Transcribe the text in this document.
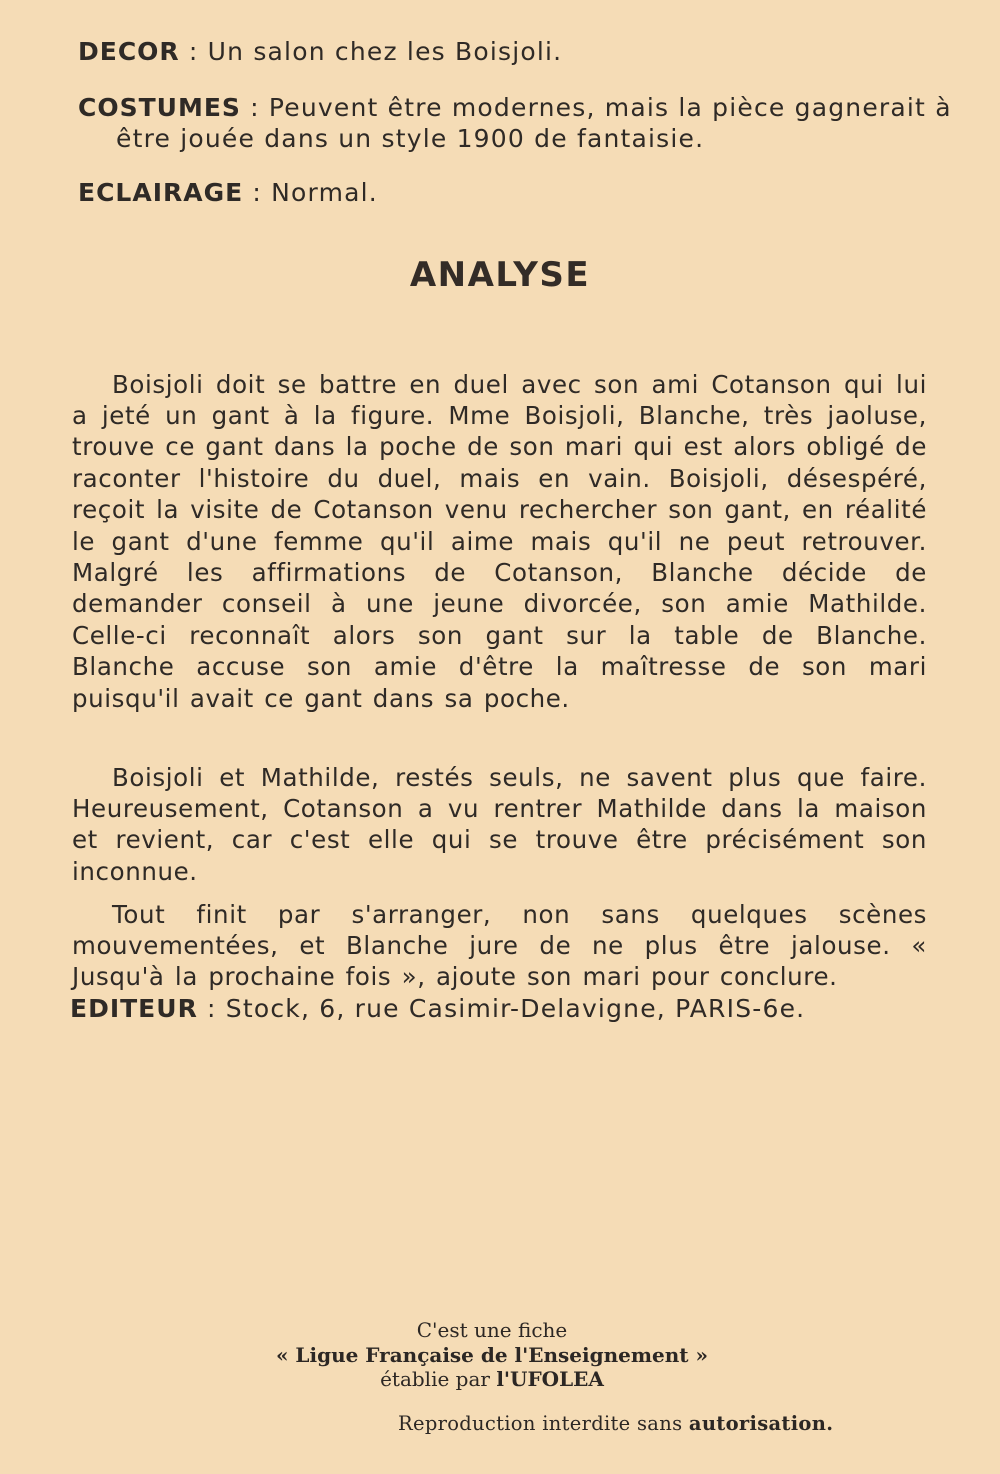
DECOR : Un salon chez les Boisjoli.
COSTUMES : Peuvent être modernes, mais la pièce gagnerait à être jouée dans un style 1900 de fantaisie.
ECLAIRAGE : Normal.
ANALYSE

Boisjoli doit se battre en duel avec son ami Cotanson qui lui a jeté un gant à la figure. Mme Boisjoli, Blanche, très jaoluse, trouve ce gant dans la poche de son mari qui est alors obligé de raconter l'histoire du duel, mais en vain. Boisjoli, désespéré, reçoit la visite de Cotanson venu rechercher son gant, en réalité le gant d'une femme qu'il aime mais qu'il ne peut retrouver. Malgré les affirmations de Cotanson, Blanche décide de demander conseil à une jeune divorcée, son amie Mathilde. Celle-ci reconnaît alors son gant sur la table de Blanche. Blanche accuse son amie d'être la maîtresse de son mari puisqu'il avait ce gant dans sa poche.

Boisjoli et Mathilde, restés seuls, ne savent plus que faire. Heureusement, Cotanson a vu rentrer Mathilde dans la maison et revient, car c'est elle qui se trouve être précisément son inconnue.

Tout finit par s'arranger, non sans quelques scènes mouvementées, et Blanche jure de ne plus être jalouse. « Jusqu'à la prochaine fois », ajoute son mari pour conclure.

EDITEUR : Stock, 6, rue Casimir-Delavigne, PARIS-6e.
C'est une fiche
« Ligue Française de l'Enseignement »
établie par l'UFOLEA
Reproduction interdite sans autorisation.
